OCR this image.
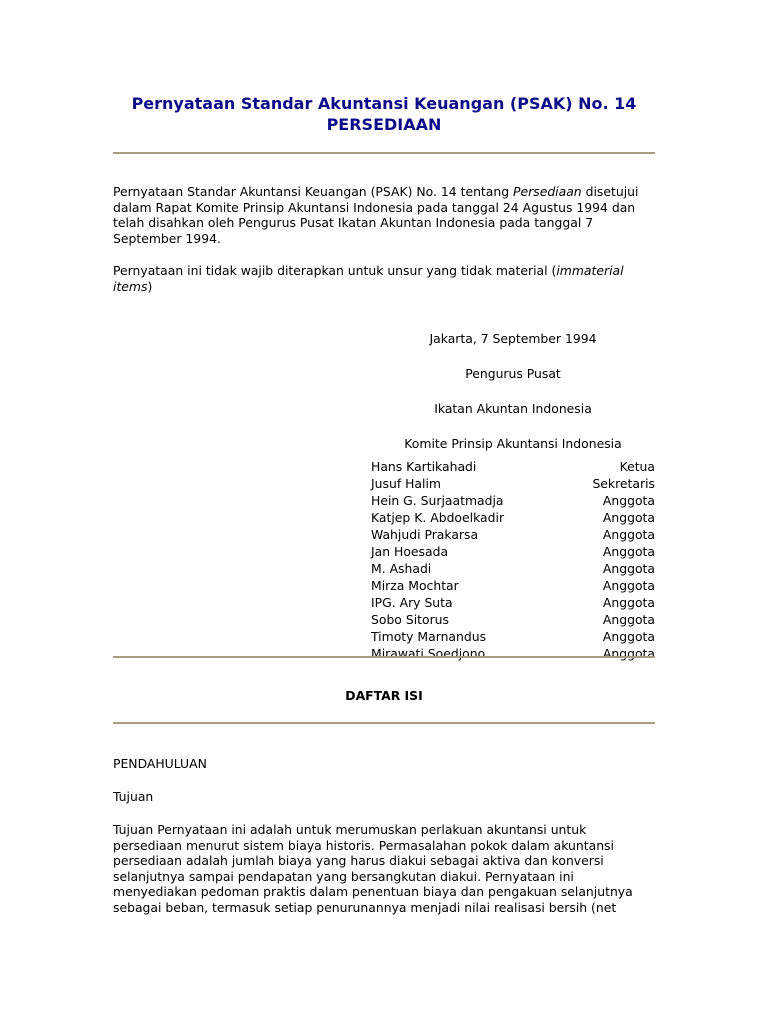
Pernyataan Standar Akuntansi Keuangan (PSAK) No. 14
PERSEDIAAN
Pernyataan Standar Akuntansi Keuangan (PSAK) No. 14 tentang Persediaan disetujui dalam Rapat Komite Prinsip Akuntansi Indonesia pada tanggal 24 Agustus 1994 dan telah disahkan oleh Pengurus Pusat Ikatan Akuntan Indonesia pada tanggal 7 September 1994.
Pernyataan ini tidak wajib diterapkan untuk unsur yang tidak material (immaterial items)
Jakarta, 7 September 1994
Pengurus Pusat
Ikatan Akuntan Indonesia
Komite Prinsip Akuntansi Indonesia
Hans Kartikahadi	Ketua
Jusuf Halim	Sekretaris
Hein G. Surjaatmadja	Anggota
Katjep K. Abdoelkadir	Anggota
Wahjudi Prakarsa	Anggota
Jan Hoesada	Anggota
M. Ashadi	Anggota
Mirza Mochtar	Anggota
IPG. Ary Suta	Anggota
Sobo Sitorus	Anggota
Timoty Marnandus	Anggota
Mirawati Soedjono	Anggota
DAFTAR ISI
PENDAHULUAN
Tujuan
Tujuan Pernyataan ini adalah untuk merumuskan perlakuan akuntansi untuk persediaan menurut sistem biaya historis. Permasalahan pokok dalam akuntansi persediaan adalah jumlah biaya yang harus diakui sebagai aktiva dan konversi selanjutnya sampai pendapatan yang bersangkutan diakui. Pernyataan ini menyediakan pedoman praktis dalam penentuan biaya dan pengakuan selanjutnya sebagai beban, termasuk setiap penurunannya menjadi nilai realisasi bersih (net
